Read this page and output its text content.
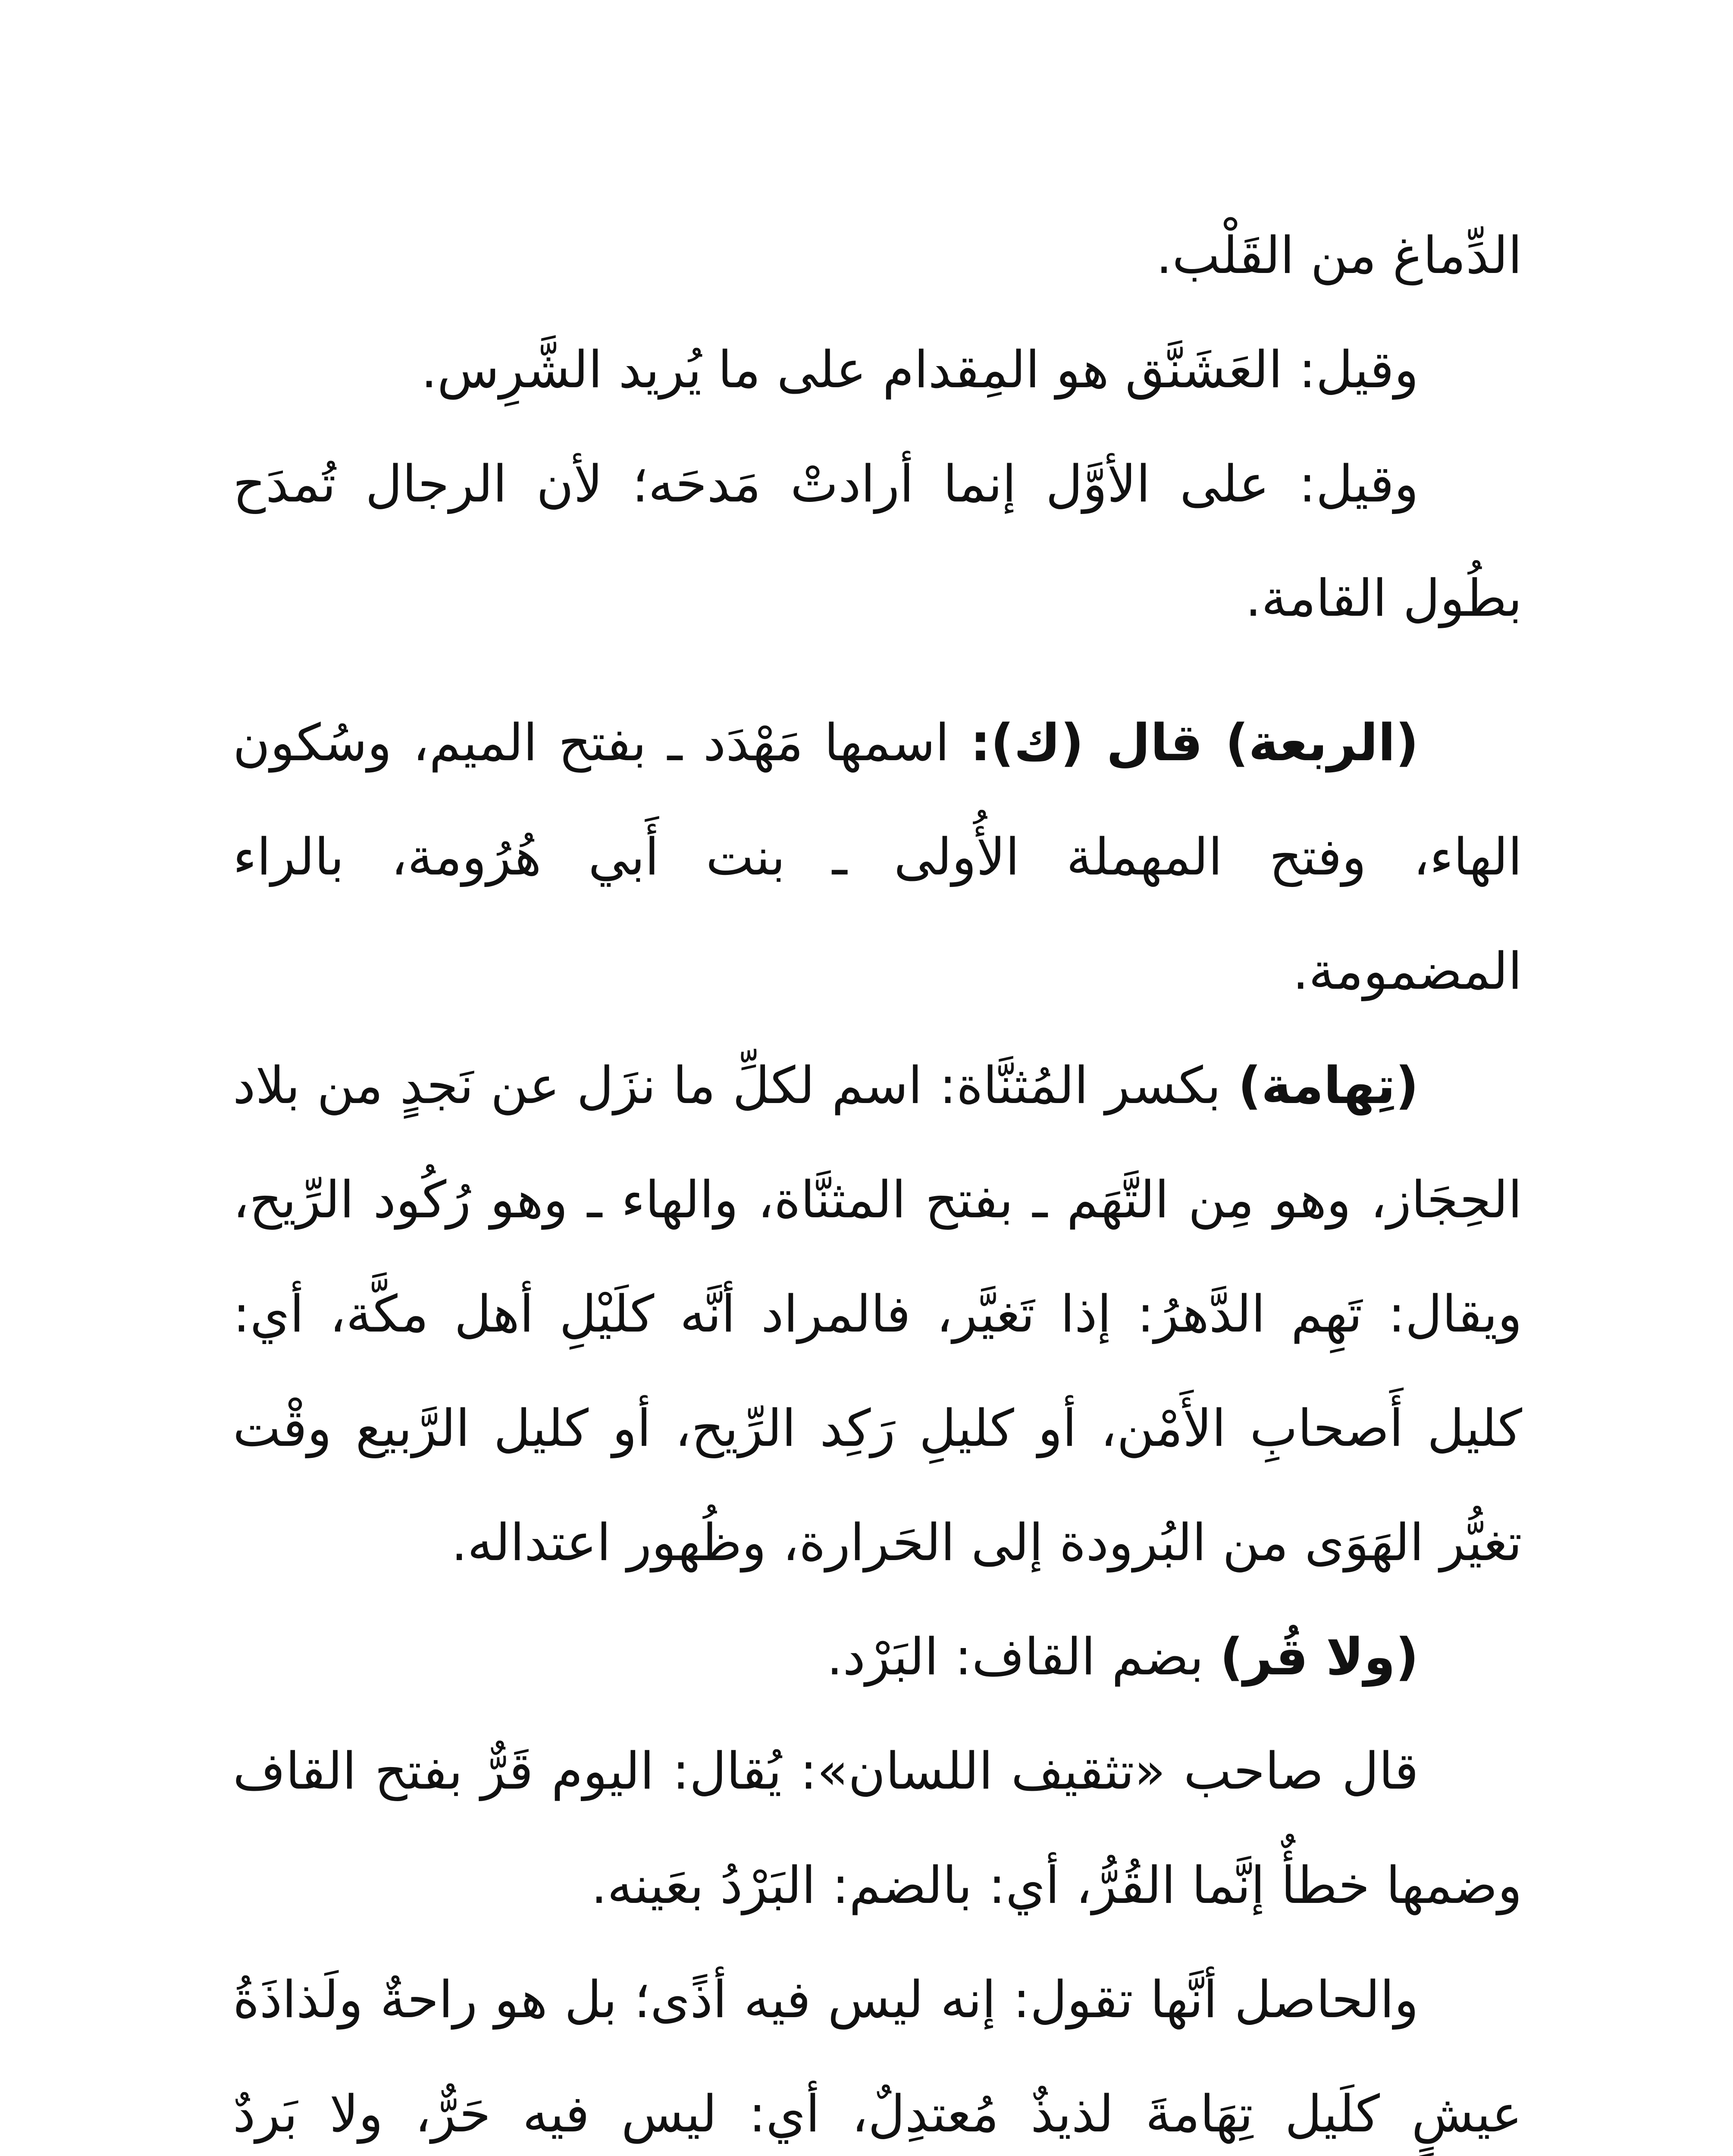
الدِّماغ من القَلْب.

وقيل: العَشَنَّق هو المِقدام على ما يُريد الشَّرِس.

وقيل: على الأوَّل إنما أرادتْ مَدحَه؛ لأن الرجال تُمدَح بطُول القامة.

(الربعة) قال (ك): اسمها مَهْدَد ـ بفتح الميم، وسُكون الهاء، وفتح المهملة الأُولى ـ بنت أَبي هُرُومة، بالراء المضمومة.

(تِهامة) بكسر المُثنَّاة: اسم لكلِّ ما نزَل عن نَجدٍ من بلاد الحِجَاز، وهو مِن التَّهَم ـ بفتح المثنَّاة، والهاء ـ وهو رُكُود الرِّيح، ويقال: تَهِم الدَّهرُ: إذا تَغيَّر، فالمراد أنَّه كلَيْلِ أهل مكَّة، أي: كليل أَصحابِ الأَمْن، أو كليلِ رَكِد الرِّيح، أو كليل الرَّبيع وقْت تغيُّر الهَوَى من البُرودة إلى الحَرارة، وظُهور اعتداله.

(ولا قُر) بضم القاف: البَرْد.

قال صاحب «تثقيف اللسان»: يُقال: اليوم قَرٌّ بفتح القاف وضمها خطأٌ إنَّما القُرُّ، أي: بالضم: البَرْدُ بعَينه.

والحاصل أنَّها تقول: إنه ليس فيه أذًى؛ بل هو راحةٌ ولَذاذَةُ عيشٍ كلَيل تِهَامةَ لذيذٌ مُعتدِلٌ، أي: ليس فيه حَرٌّ، ولا بَردٌ
